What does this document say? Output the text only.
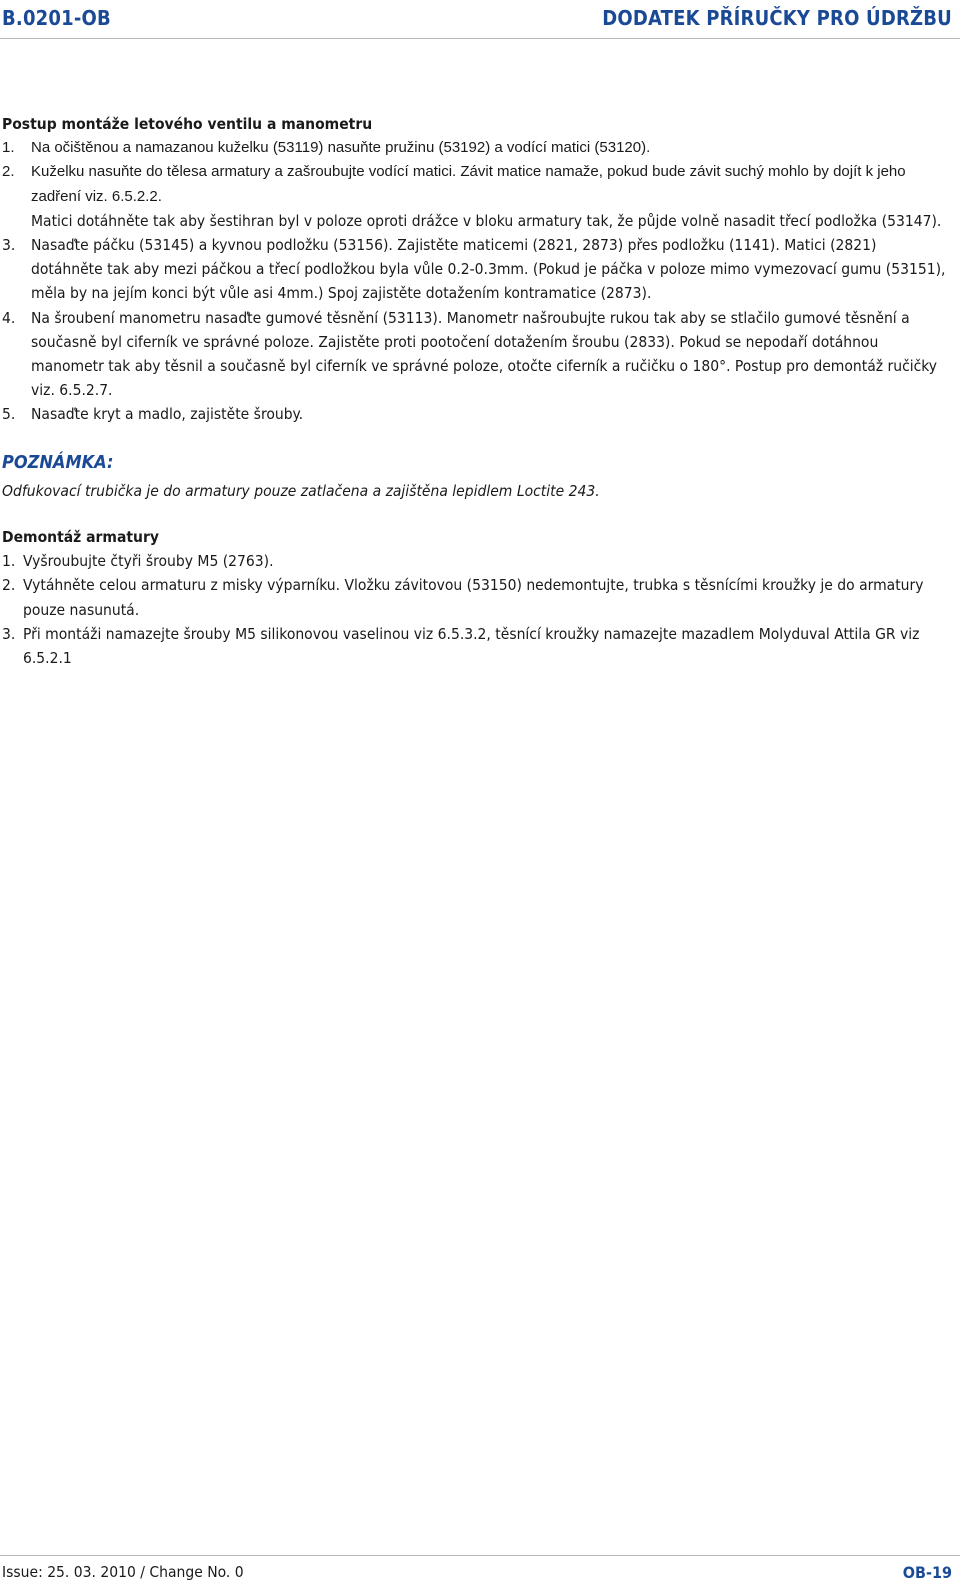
B.0201-OB	DODATEK PŘÍRUČKY PRO ÚDRŽBU
Postup montáže letového ventilu a manometru
1. Na očištěnou a namazanou kuželku (53119) nasuňte pružinu (53192) a vodící matici (53120).
2. Kuželku nasuňte do tělesa armatury a zašroubujte vodící matici. Závit matice namaže, pokud bude závit suchý mohlo by dojít k jeho zadření viz. 6.5.2.2.
Matici dotáhněte tak aby šestihran byl v poloze oproti drážce v bloku armatury tak, že půjde volně nasadit třecí podložka (53147).
3. Nasaďte páčku (53145) a kyvnou podložku (53156). Zajistěte maticemi (2821, 2873) přes podložku (1141). Matici (2821) dotáhněte tak aby mezi páčkou a třecí podložkou byla vůle 0.2-0.3mm. (Pokud je páčka v poloze mimo vymezovací gumu (53151), měla by na jejím konci být vůle asi 4mm.) Spoj zajistěte dotažením kontramatice (2873).
4. Na šroubení manometru nasaďte gumové těsnění (53113). Manometr našroubujte rukou tak aby se stlačilo gumové těsnění a současně byl ciferník ve správné poloze. Zajistěte proti pootočení dotažením šroubu (2833). Pokud se nepodaří dotáhnou manometr tak aby těsnil a současně byl ciferník ve správné poloze, otočte ciferník a ručičku o 180°. Postup pro demontáž ručičky viz. 6.5.2.7.
5. Nasaďte kryt a madlo, zajistěte šrouby.
POZNÁMKA:
Odfukovací trubička je do armatury pouze zatlačena a zajištěna lepidlem Loctite 243.
Demontáž armatury
1. Vyšroubujte čtyři šrouby M5 (2763).
2. Vytáhněte celou armaturu z misky výparníku. Vložku závitovou (53150) nedemontujte, trubka s těsnícími kroužky je do armatury pouze nasunutá.
3. Při montáži namazejte šrouby M5 silikonovou vaselinou viz 6.5.3.2, těsnící kroužky namazejte mazadlem Molyduval Attila GR viz 6.5.2.1
Issue: 25. 03. 2010 / Change No. 0	OB-19
